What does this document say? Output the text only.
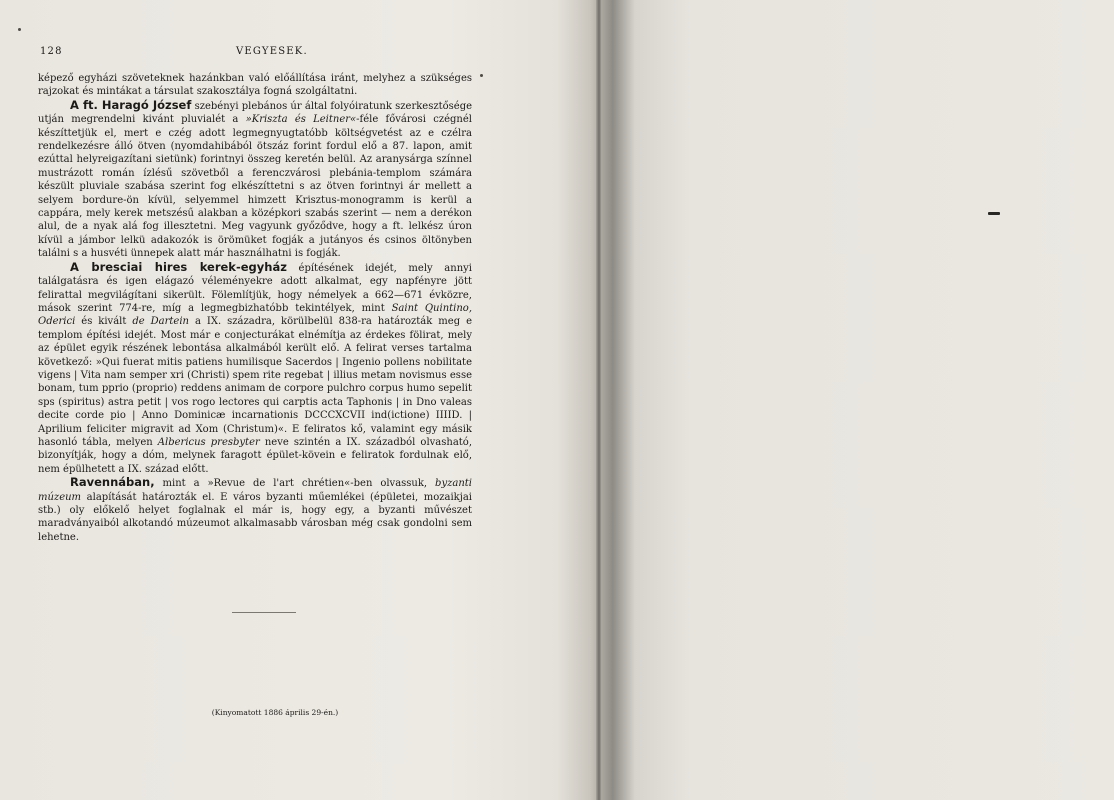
128	VEGYESEK.

képező egyházi szöveteknek hazánkban való előállítása iránt, melyhez a szükséges rajzokat és mintákat a társulat szakosztálya fogná szolgáltatni.

A ft. Haragó József szebényi plebános úr által folyóiratunk szerkesztősége utján megrendelni kivánt pluvialét a »Kriszta és Leitner«-féle fővárosi czégnél készíttetjük el, mert e czég adott legmegnyugtatóbb költségvetést az e czélra rendelkezésre álló ötven (nyomdahibából ötszáz forint fordul elő a 87. lapon, amit ezúttal helyreigazítani sietünk) forintnyi összeg keretén belül. Az aranysárga színnel mustrázott román ízlésű szövetből a ferenczvárosi plebánia-templom számára készült pluviale szabása szerint fog elkészíttetni s az ötven forintnyi ár mellett a selyem bordure-ön kívül, selyemmel himzett Krisztus-monogramm is kerül a cappára, mely kerek metszésű alakban a középkori szabás szerint — nem a derékon alul, de a nyak alá fog illesztetni. Meg vagyunk győződve, hogy a ft. lelkész úron kívül a jámbor lelkü adakozók is örömüket fogják a jutányos és csinos öltönyben találni s a husvéti ünnepek alatt már használhatni is fogják.

A bresciai hires kerek-egyház építésének idejét, mely annyi találgatásra és igen elágazó véleményekre adott alkalmat, egy napfényre jött felirattal megvilágítani sikerült. Fölemlítjük, hogy némelyek a 662—671 évközre, mások szerint 774-re, míg a legmegbizhatóbb tekintélyek, mint Saint Quintino, Oderici és kivált de Dartein a IX. századra, körülbelül 838-ra határozták meg e templom építési idejét. Most már e conjecturákat elnémítja az érdekes fölirat, mely az épület egyik részének lebontása alkalmából került elő. A felirat verses tartalma következő: »Qui fuerat mitis patiens humilisque Sacerdos | Ingenio pollens nobilitate vigens | Vita nam semper xri (Christi) spem rite regebat | illius metam novismus esse bonam, tum pprio (proprio) reddens animam de corpore pulchro corpus humo sepelit sps (spiritus) astra petit | vos rogo lectores qui carptis acta Taphonis | in Dno valeas decite corde pio | Anno Dominicæ incarnationis DCCCXCVII ind(ictione) IIIID. | Aprilium feliciter migravit ad Xom (Christum)«. E feliratos kő, valamint egy másik hasonló tábla, melyen Albericus presbyter neve szintén a IX. századból olvasható, bizonyítják, hogy a dóm, melynek faragott épület-kövein e feliratok fordulnak elő, nem épülhetett a IX. század előtt.

Ravennában, mint a »Revue de l'art chrétien«-ben olvassuk, byzanti múzeum alapítását határozták el. E város byzanti műemlékei (épületei, mozaikjai stb.) oly előkelő helyet foglalnak el már is, hogy egy, a byzanti művészet maradványaiból alkotandó múzeumot alkalmasabb városban még csak gondolni sem lehetne.

(Kinyomatott 1886 április 29-én.)
